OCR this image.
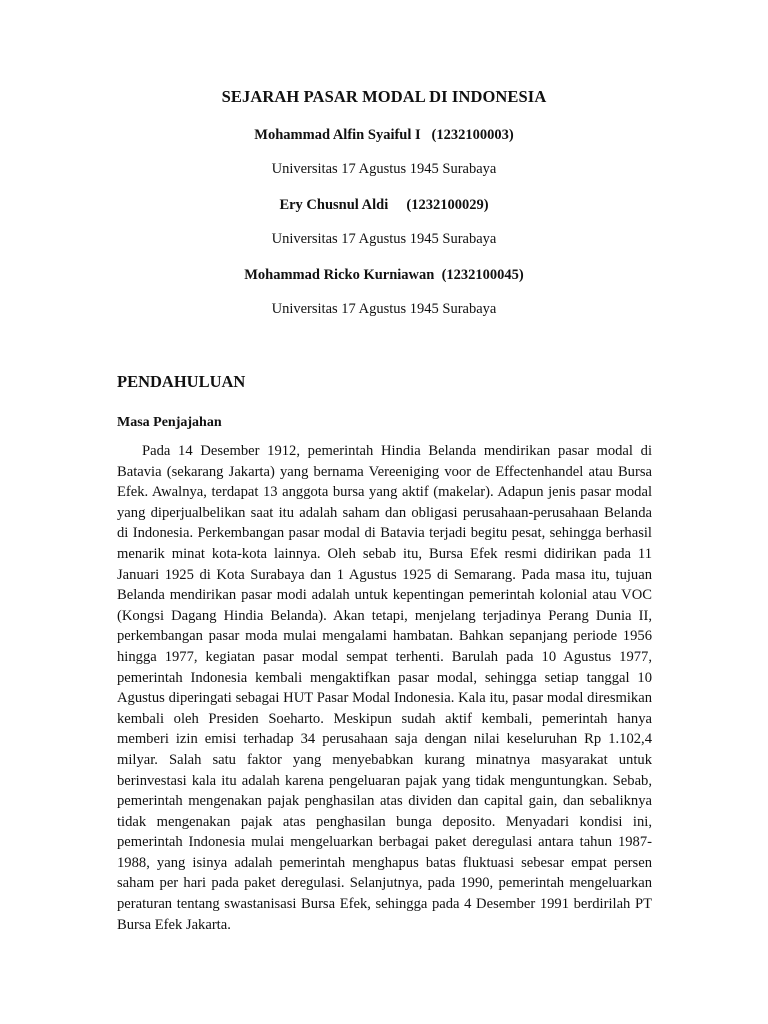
SEJARAH PASAR MODAL DI INDONESIA
Mohammad Alfin Syaiful I   (1232100003)
Universitas 17 Agustus 1945 Surabaya
Ery Chusnul Aldi     (1232100029)
Universitas 17 Agustus 1945 Surabaya
Mohammad Ricko Kurniawan  (1232100045)
Universitas 17 Agustus 1945 Surabaya
PENDAHULUAN
Masa Penjajahan

Pada 14 Desember 1912, pemerintah Hindia Belanda mendirikan pasar modal di Batavia (sekarang Jakarta) yang bernama Vereeniging voor de Effectenhandel atau Bursa Efek. Awalnya, terdapat 13 anggota bursa yang aktif (makelar). Adapun jenis pasar modal yang diperjualbelikan saat itu adalah saham dan obligasi perusahaan-perusahaan Belanda di Indonesia. Perkembangan pasar modal di Batavia terjadi begitu pesat, sehingga berhasil menarik minat kota-kota lainnya. Oleh sebab itu, Bursa Efek resmi didirikan pada 11 Januari 1925 di Kota Surabaya dan 1 Agustus 1925 di Semarang. Pada masa itu, tujuan Belanda mendirikan pasar modi adalah untuk kepentingan pemerintah kolonial atau VOC (Kongsi Dagang Hindia Belanda). Akan tetapi, menjelang terjadinya Perang Dunia II, perkembangan pasar moda mulai mengalami hambatan. Bahkan sepanjang periode 1956 hingga 1977, kegiatan pasar modal sempat terhenti. Barulah pada 10 Agustus 1977, pemerintah Indonesia kembali mengaktifkan pasar modal, sehingga setiap tanggal 10 Agustus diperingati sebagai HUT Pasar Modal Indonesia. Kala itu, pasar modal diresmikan kembali oleh Presiden Soeharto. Meskipun sudah aktif kembali, pemerintah hanya memberi izin emisi terhadap 34 perusahaan saja dengan nilai keseluruhan Rp 1.102,4 milyar. Salah satu faktor yang menyebabkan kurang minatnya masyarakat untuk berinvestasi kala itu adalah karena pengeluaran pajak yang tidak menguntungkan. Sebab, pemerintah mengenakan pajak penghasilan atas dividen dan capital gain, dan sebaliknya tidak mengenakan pajak atas penghasilan bunga deposito. Menyadari kondisi ini, pemerintah Indonesia mulai mengeluarkan berbagai paket deregulasi antara tahun 1987-1988, yang isinya adalah pemerintah menghapus batas fluktuasi sebesar empat persen saham per hari pada paket deregulasi. Selanjutnya, pada 1990, pemerintah mengeluarkan peraturan tentang swastanisasi Bursa Efek, sehingga pada 4 Desember 1991 berdirilah PT Bursa Efek Jakarta.
